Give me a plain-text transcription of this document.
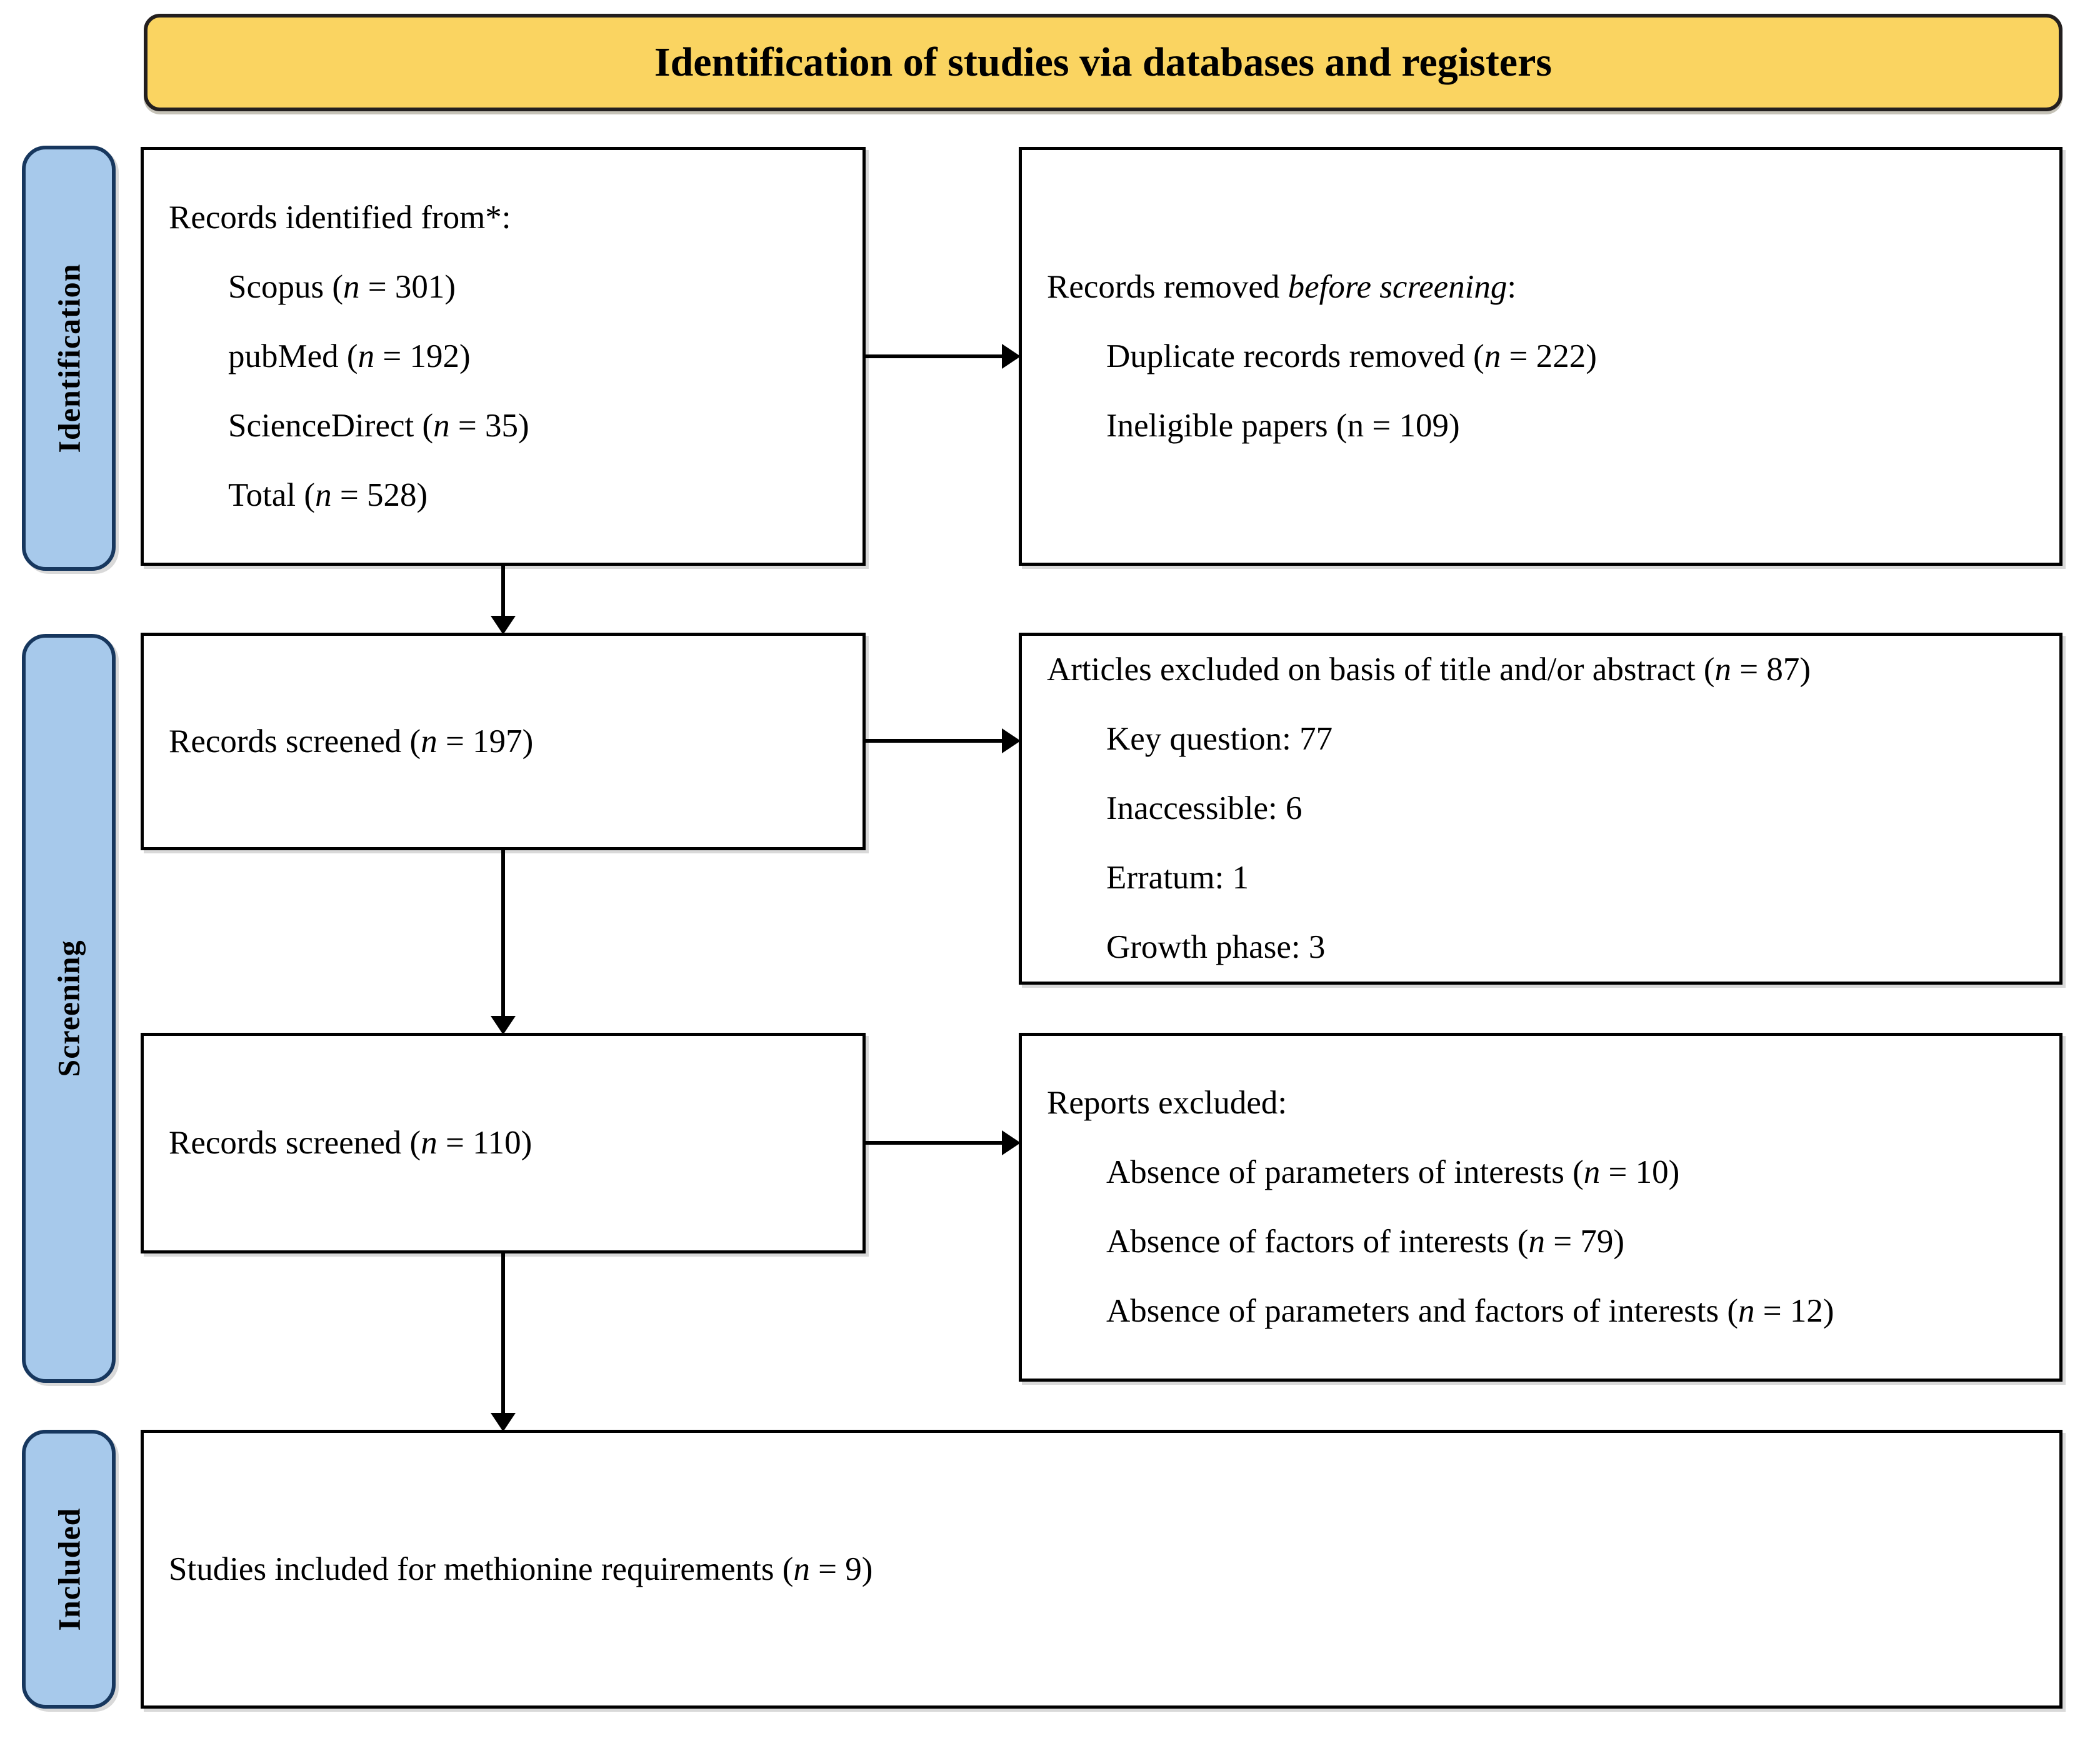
Identification of studies via databases and registers
Identification
Screening
Included
Records identified from*:
Scopus (n = 301)
pubMed (n = 192)
ScienceDirect (n = 35)
Total (n = 528)
Records removed before screening:
Duplicate records removed (n = 222)
Ineligible papers (n = 109)
Records screened (n = 197)
Articles excluded on basis of title and/or abstract (n = 87)
Key question: 77
Inaccessible: 6
Erratum: 1
Growth phase: 3
Records screened (n = 110)
Reports excluded:
Absence of parameters of interests (n = 10)
Absence of factors of interests (n = 79)
Absence of parameters and factors of interests (n = 12)
Studies included for methionine requirements (n = 9)
